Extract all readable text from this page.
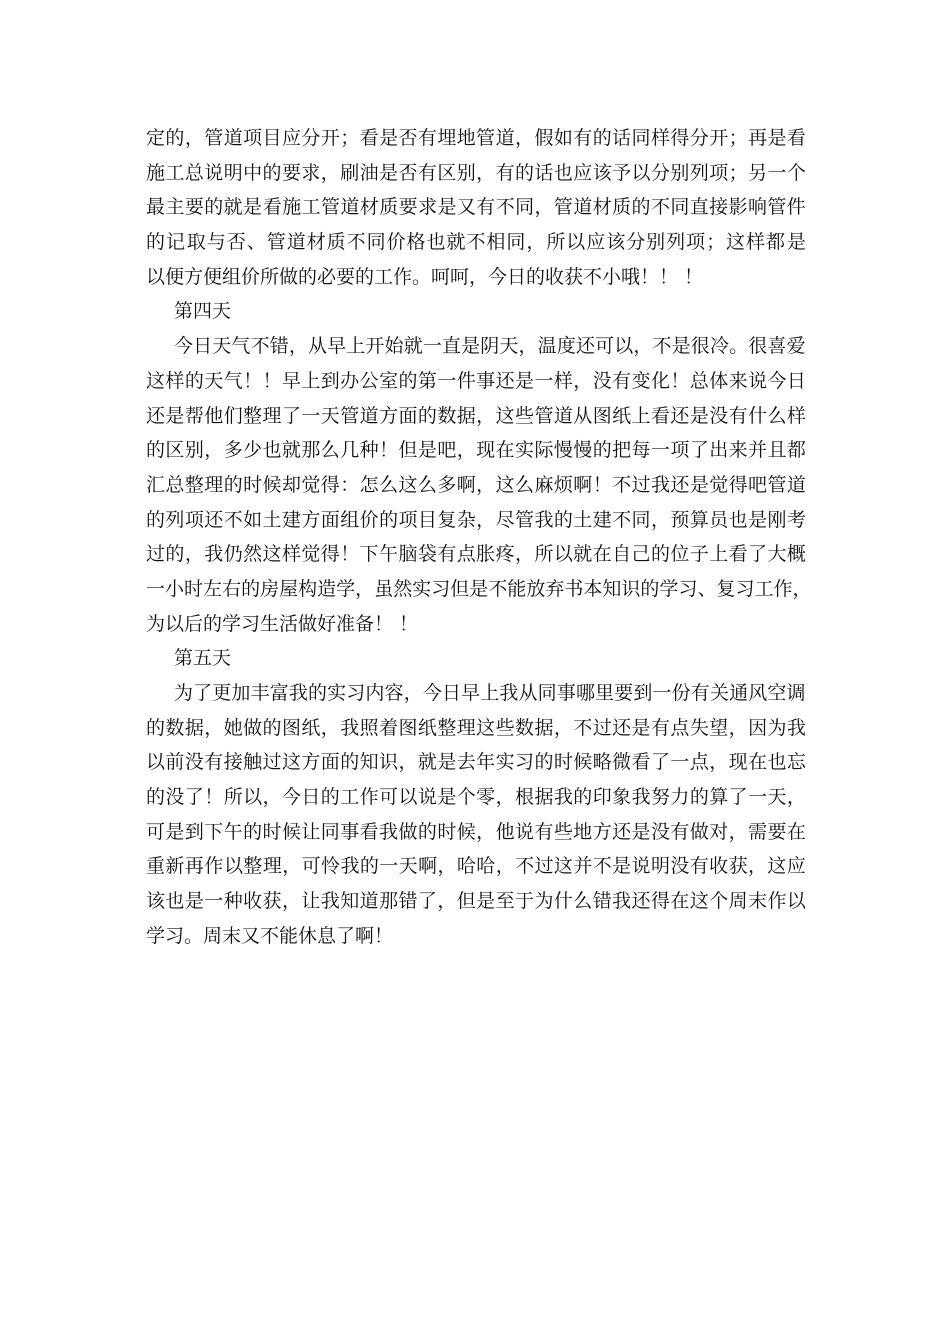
定 的 ， 管 道 项 目 应 分 开 ； 看 是 否 有 埋 地 管 道 ， 假 如 有 的 话 同 样 得 分 开 ； 再 是 看
施 工 总 说 明 中 的 要 求 ， 刷 油 是 否 有 区 别 ， 有 的 话 也 应 该 予 以 分 别 列 项 ； 另 一 个
最 主 要 的 就 是 看 施 工 管 道 材 质 要 求 是 又 有 不 同 ， 管 道 材 质 的 不 同 直 接 影 响 管 件
的 记 取 与 否 、 管 道 材 质 不 同 价 格 也 就 不 相 同 ， 所 以 应 该 分 别 列 项 ； 这 样 都 是
以便方便组价所做的必要的工作。呵呵，今日的收获不小哦！！ ！
第四天
今 日 天 气 不 错 ， 从 早 上 开 始 就 一 直 是 阴 天 ， 温 度 还 可 以 ， 不 是 很 冷 。 很 喜 爱
这 样 的 天 气 ！ ！ 早 上 到 办 公 室 的 第 一 件 事 还 是 一 样 ， 没 有 变 化 ！ 总 体 来 说 今 日
还 是 帮 他 们 整 理 了 一 天 管 道 方 面 的 数 据 ， 这 些 管 道 从 图 纸 上 看 还 是 没 有 什 么 样
的 区 别 ， 多 少 也 就 那 么 几 种 ！ 但 是 吧 ， 现 在 实 际 慢 慢 的 把 每 一 项 了 出 来 并 且 都
汇 总 整 理 的 时 候 却 觉 得 ： 怎 么 这 么 多 啊 ， 这 么 麻 烦 啊 ！ 不 过 我 还 是 觉 得 吧 管 道
的 列 项 还 不 如 土 建 方 面 组 价 的 项 目 复 杂 ， 尽 管 我 的 土 建 不 同 ， 预 算 员 也 是 刚 考
过 的 ， 我 仍 然 这 样 觉 得 ！ 下 午 脑 袋 有 点 胀 疼 ， 所 以 就 在 自 己 的 位 子 上 看 了 大 概
一 小 时 左 右 的 房 屋 构 造 学 ， 虽 然 实 习 但 是 不 能 放 弃 书 本 知 识 的 学 习 、 复 习 工 作 ，
为以后的学习生活做好准备！ ！
第五天
为 了 更 加 丰 富 我 的 实 习 内 容 ， 今 日 早 上 我 从 同 事 哪 里 要 到 一 份 有 关 通 风 空 调
的 数 据 ， 她 做 的 图 纸 ， 我 照 着 图 纸 整 理 这 些 数 据 ， 不 过 还 是 有 点 失 望 ， 因 为 我
以 前 没 有 接 触 过 这 方 面 的 知 识 ， 就 是 去 年 实 习 的 时 候 略 微 看 了 一 点 ， 现 在 也 忘
的 没 了 ！ 所 以 ， 今 日 的 工 作 可 以 说 是 个 零 ， 根 据 我 的 印 象 我 努 力 的 算 了 一 天 ，
可 是 到 下 午 的 时 候 让 同 事 看 我 做 的 时 候 ， 他 说 有 些 地 方 还 是 没 有 做 对 ， 需 要 在
重 新 再 作 以 整 理 ， 可 怜 我 的 一 天 啊 ， 哈 哈 ， 不 过 这 并 不 是 说 明 没 有 收 获 ， 这 应
该 也 是 一 种 收 获 ， 让 我 知 道 那 错 了 ， 但 是 至 于 为 什 么 错 我 还 得 在 这 个 周 末 作 以
学习。周末又不能休息了啊！
